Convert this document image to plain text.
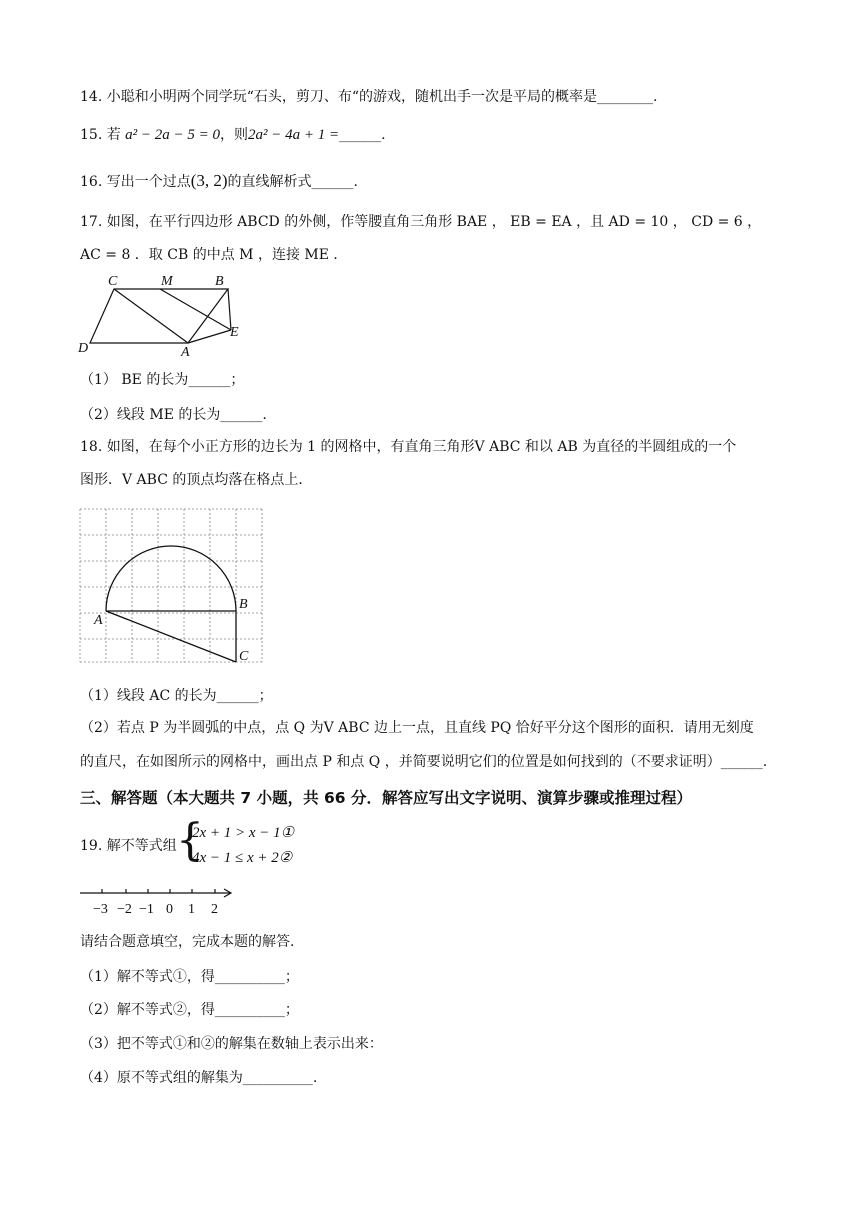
14. 小聪和小明两个同学玩“石头，剪刀、布“的游戏，随机出手一次是平局的概率是________.
15. 若 a² − 2a − 5 = 0，则2a² − 4a + 1 =______.
16. 写出一个过点(3, 2)的直线解析式______.
17. 如图，在平行四边形 ABCD 的外侧，作等腰直角三角形 BAE ， EB = EA ，且 AD = 10 ， CD = 6 ，
AC = 8 ．取 CB 的中点 M ，连接 ME ．
C	M	B
D	A
E
（1） BE 的长为______；
（2）线段 ME 的长为______.
18. 如图，在每个小正方形的边长为 1 的网格中，有直角三角形V ABC 和以 AB 为直径的半圆组成的一个
图形．V ABC 的顶点均落在格点上．
A
B
C
（1）线段 AC 的长为______；
（2）若点 P 为半圆弧的中点，点 Q 为V ABC 边上一点，且直线 PQ 恰好平分这个图形的面积．请用无刻度
的直尺，在如图所示的网格中，画出点 P 和点 Q ，并简要说明它们的位置是如何找到的（不要求证明）______.
三、解答题（本大题共 7 小题，共 66 分．解答应写出文字说明、演算步骤或推理过程）
19. 解不等式组 {
2x + 1 > x − 1①
4x − 1 ≤ x + 2②
−3 −2 −1 0 1 2
请结合题意填空，完成本题的解答.
（1）解不等式①，得__________；
（2）解不等式②，得__________；
（3）把不等式①和②的解集在数轴上表示出来：
（4）原不等式组的解集为__________.
